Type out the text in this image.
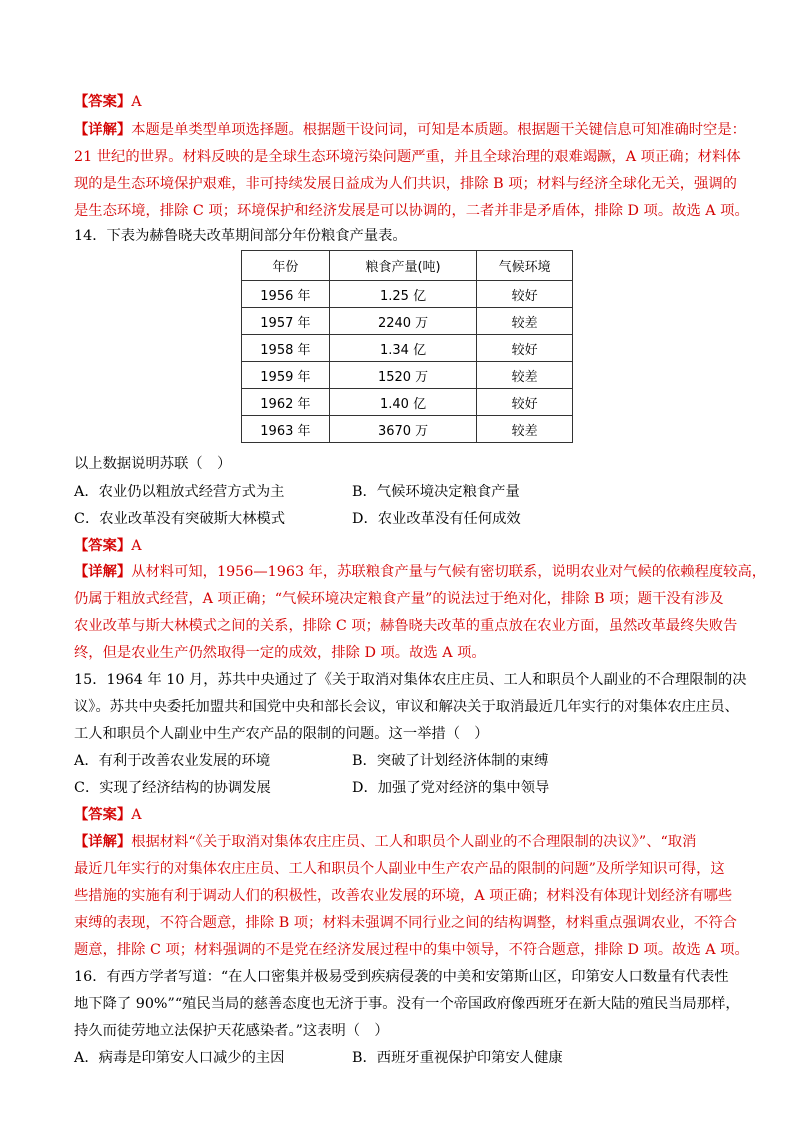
【答案】A
【详解】本题是单类型单项选择题。根据题干设问词，可知是本质题。根据题干关键信息可知准确时空是：
21 世纪的世界。材料反映的是全球生态环境污染问题严重，并且全球治理的艰难竭蹶，A 项正确；材料体
现的是生态环境保护艰难，非可持续发展日益成为人们共识，排除 B 项；材料与经济全球化无关，强调的
是生态环境，排除 C 项；环境保护和经济发展是可以协调的，二者并非是矛盾体，排除 D 项。故选 A 项。
14．下表为赫鲁晓夫改革期间部分年份粮食产量表。
年份	粮食产量(吨)	气候环境
1956 年	1.25 亿	较好
1957 年	2240 万	较差
1958 年	1.34 亿	较好
1959 年	1520 万	较差
1962 年	1.40 亿	较好
1963 年	3670 万	较差
以上数据说明苏联（　）
A．农业仍以粗放式经营方式为主	B．气候环境决定粮食产量
C．农业改革没有突破斯大林模式	D．农业改革没有任何成效
【答案】A
【详解】从材料可知，1956—1963 年，苏联粮食产量与气候有密切联系，说明农业对气候的依赖程度较高，
仍属于粗放式经营，A 项正确；“气候环境决定粮食产量”的说法过于绝对化，排除 B 项；题干没有涉及
农业改革与斯大林模式之间的关系，排除 C 项；赫鲁晓夫改革的重点放在农业方面，虽然改革最终失败告
终，但是农业生产仍然取得一定的成效，排除 D 项。故选 A 项。
15．1964 年 10 月，苏共中央通过了《关于取消对集体农庄庄员、工人和职员个人副业的不合理限制的决
议》。苏共中央委托加盟共和国党中央和部长会议，审议和解决关于取消最近几年实行的对集体农庄庄员、
工人和职员个人副业中生产农产品的限制的问题。这一举措（　）
A．有利于改善农业发展的环境	B．突破了计划经济体制的束缚
C．实现了经济结构的协调发展	D．加强了党对经济的集中领导
【答案】A
【详解】根据材料“《关于取消对集体农庄庄员、工人和职员个人副业的不合理限制的决议》”、“取消
最近几年实行的对集体农庄庄员、工人和职员个人副业中生产农产品的限制的问题”及所学知识可得，这
些措施的实施有利于调动人们的积极性，改善农业发展的环境，A 项正确；材料没有体现计划经济有哪些
束缚的表现，不符合题意，排除 B 项；材料未强调不同行业之间的结构调整，材料重点强调农业，不符合
题意，排除 C 项；材料强调的不是党在经济发展过程中的集中领导，不符合题意，排除 D 项。故选 A 项。
16．有西方学者写道：“在人口密集并极易受到疾病侵袭的中美和安第斯山区，印第安人口数量有代表性
地下降了 90%”“殖民当局的慈善态度也无济于事。没有一个帝国政府像西班牙在新大陆的殖民当局那样，
持久而徒劳地立法保护天花感染者。”这表明（　）
A．病毒是印第安人口减少的主因	B．西班牙重视保护印第安人健康
